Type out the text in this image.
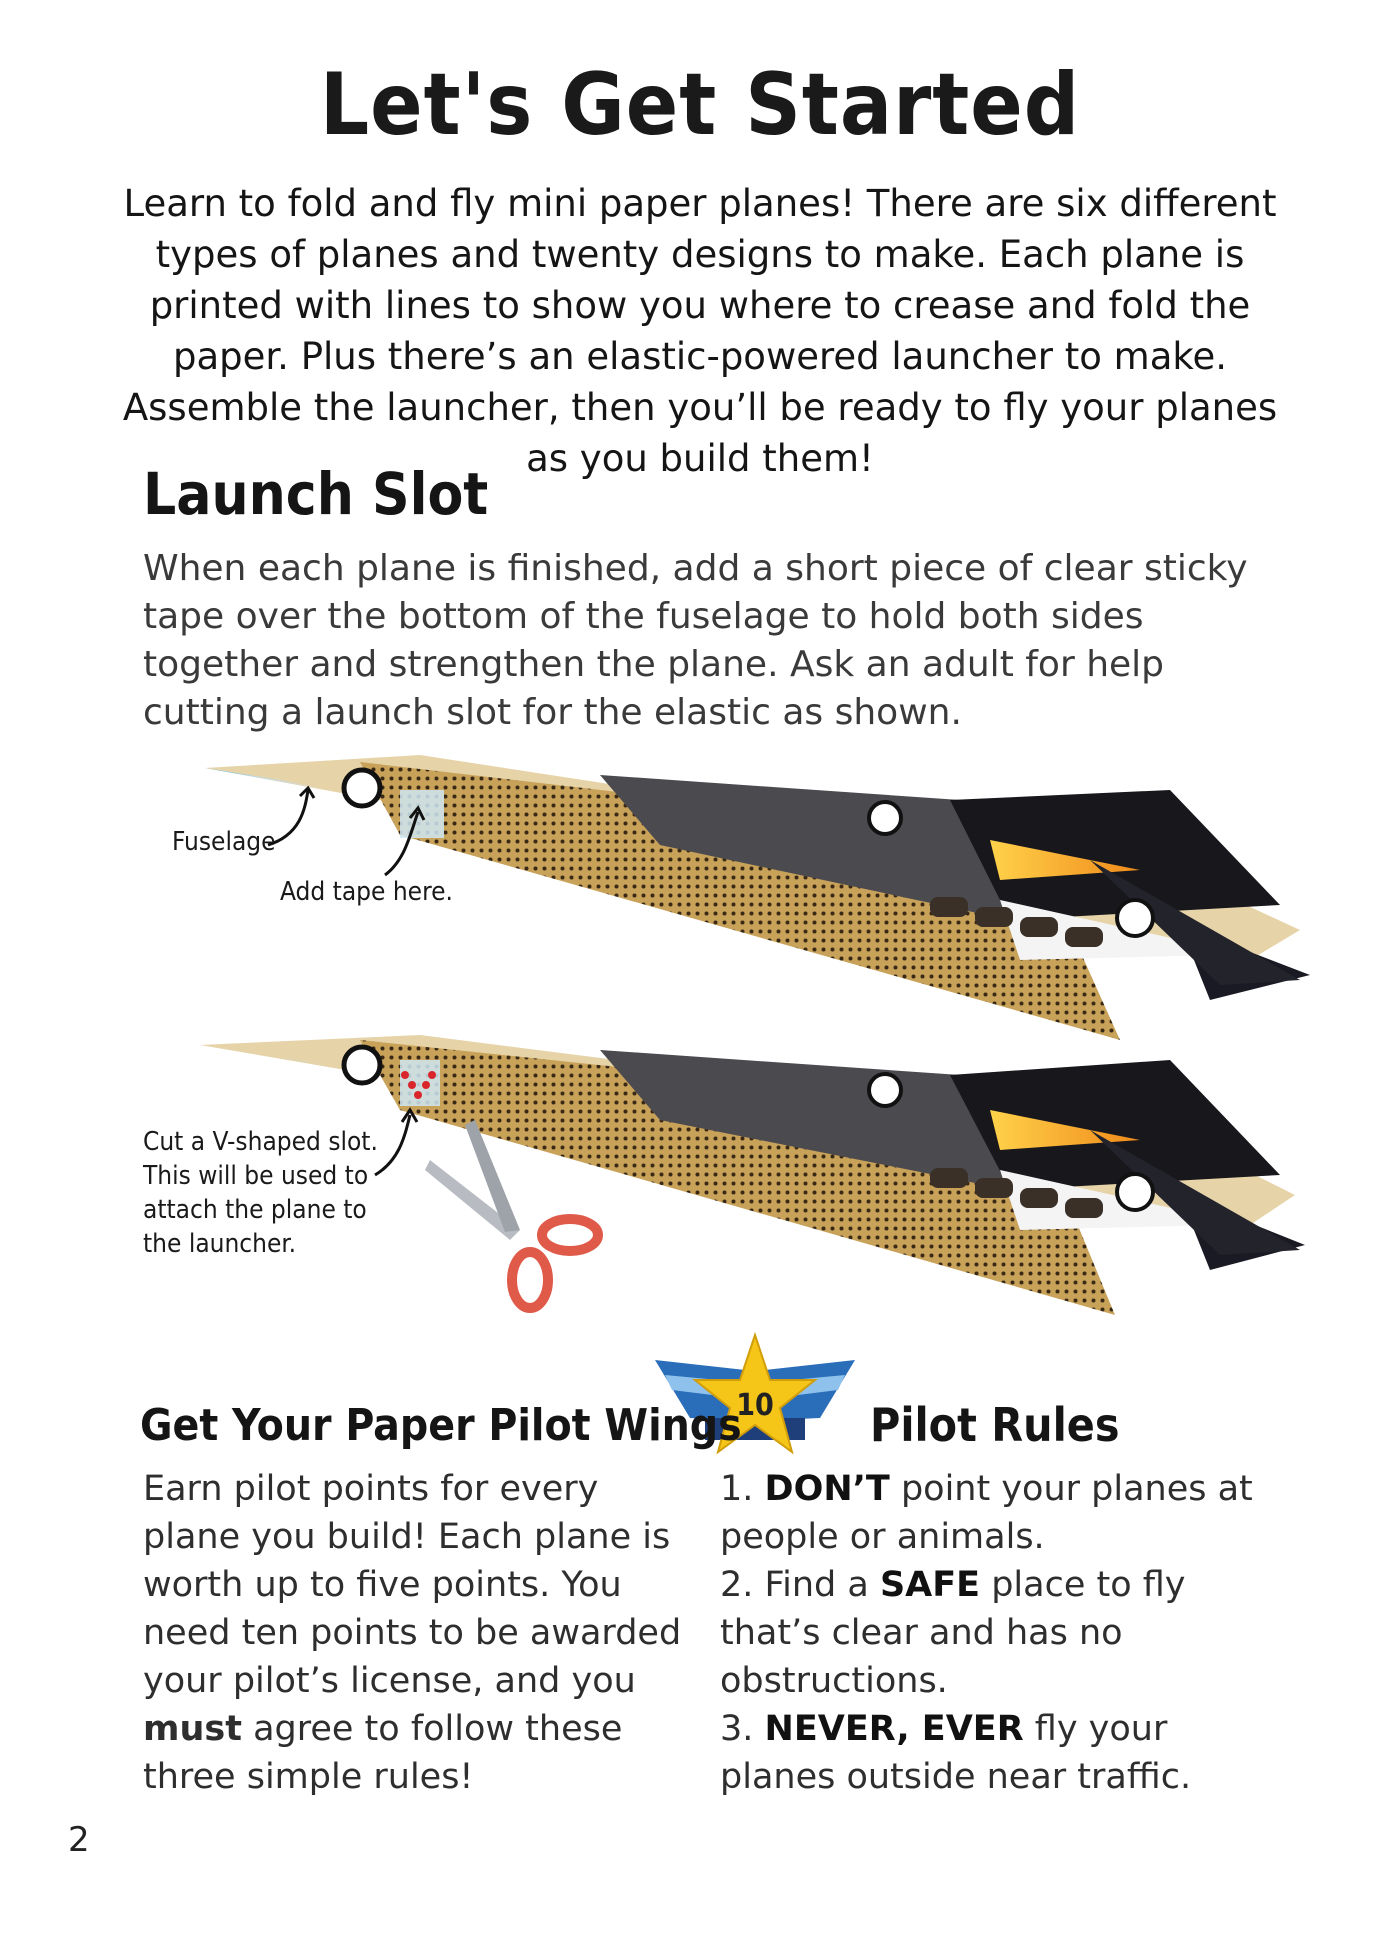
Let's Get Started
Learn to fold and fly mini paper planes! There are six different types of planes and twenty designs to make. Each plane is printed with lines to show you where to crease and fold the paper. Plus there’s an elastic-powered launcher to make. Assemble the launcher, then you’ll be ready to fly your planes as you build them!
Launch Slot
When each plane is finished, add a short piece of clear sticky tape over the bottom of the fuselage to hold both sides together and strengthen the plane. Ask an adult for help cutting a launch slot for the elastic as shown.
Fuselage
Add tape here.
Cut a V-shaped slot.
This will be used to
attach the plane to
the launcher.
10
Get Your Paper Pilot Wings	Pilot Rules
Earn pilot points for every plane you build! Each plane is worth up to five points. You need ten points to be awarded your pilot’s license, and you must agree to follow these three simple rules!
1. DON’T point your planes at people or animals.
2. Find a SAFE place to fly that’s clear and has no obstructions.
3. NEVER, EVER fly your planes outside near traffic.
2
